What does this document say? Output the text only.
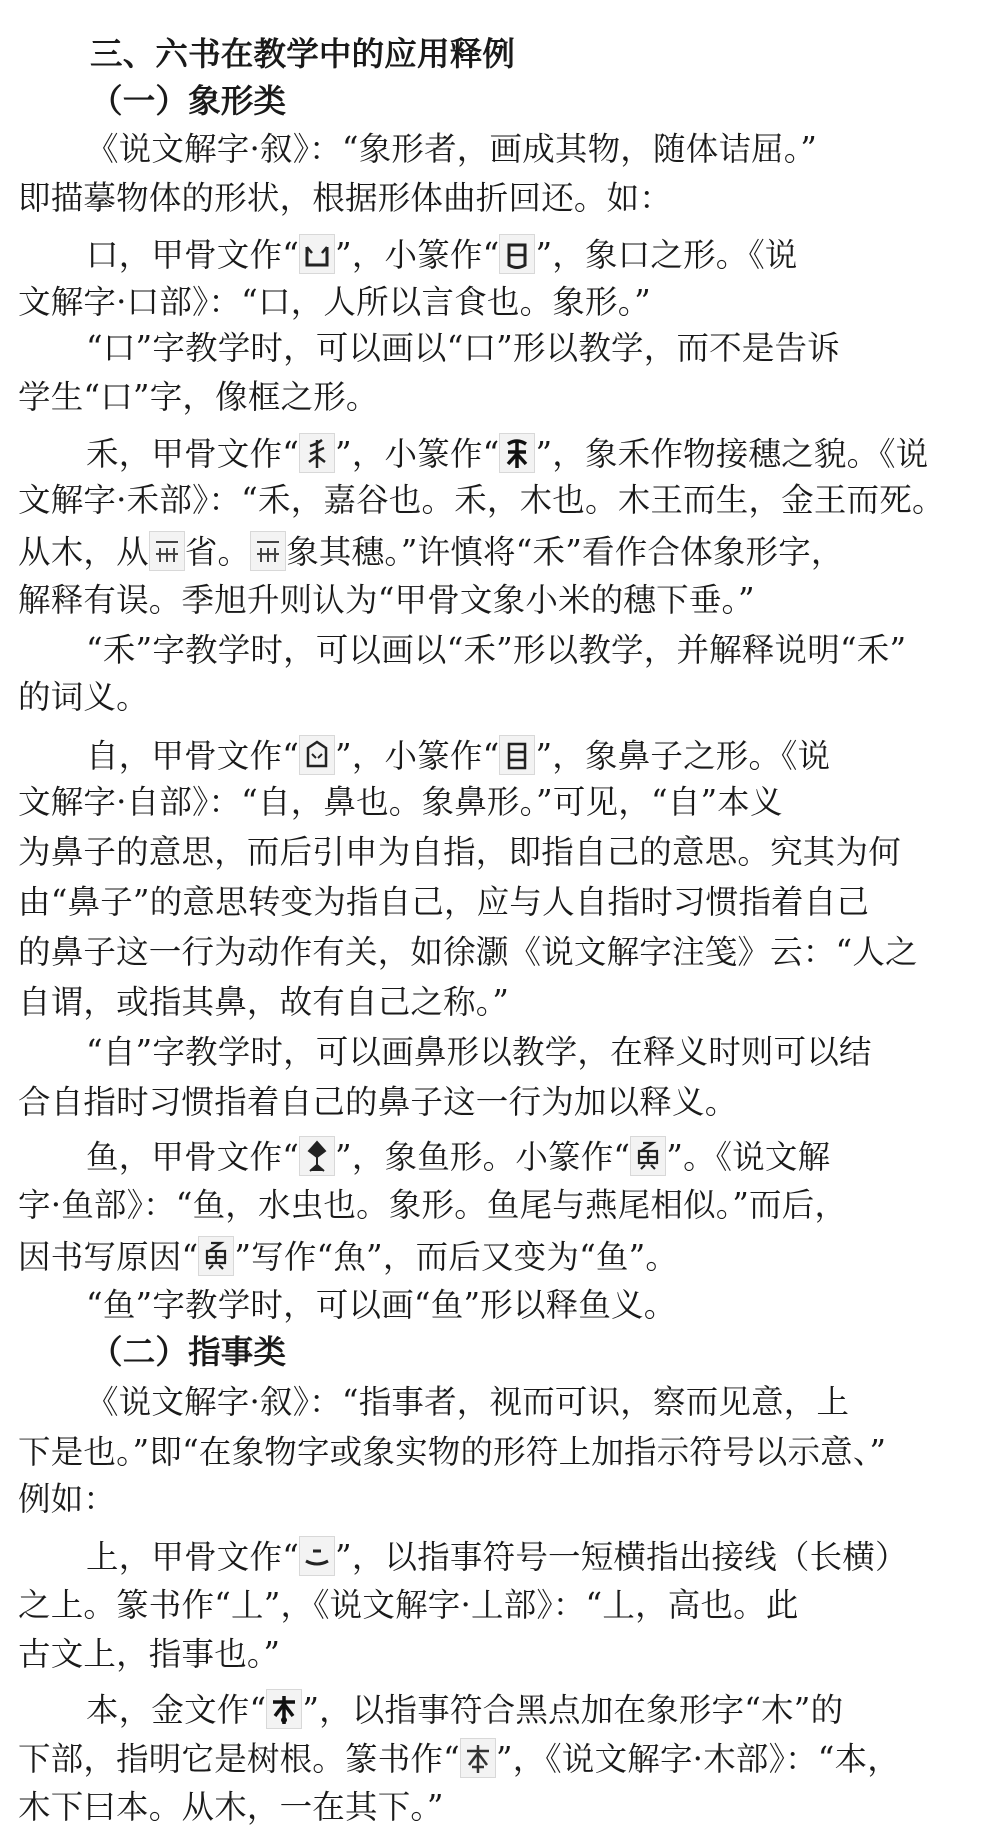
三、六书在教学中的应用释例
（一）象形类
《说文解字·叙》：“象形者，画成其物，随体诘屈。”
即描摹物体的形状，根据形体曲折回还。如：
口，甲骨文作“ ”，小篆作“ ”，象口之形。《说
文解字·口部》：“口，人所以言食也。象形。”
“口”字教学时，可以画以“口”形以教学，而不是告诉
学生“口”字，像框之形。
禾，甲骨文作“ ”，小篆作“ ”，象禾作物接穗之貌。《说
文解字·禾部》：“禾，嘉谷也。禾，木也。木王而生，金王而死。
从木，从 省。 象其穗。”许慎将“禾”看作合体象形字，
解释有误。季旭升则认为“甲骨文象小米的穗下垂。”
“禾”字教学时，可以画以“禾”形以教学，并解释说明“禾”
的词义。
自，甲骨文作“ ”，小篆作“ ”，象鼻子之形。《说
文解字·自部》：“自，鼻也。象鼻形。”可见，“自”本义
为鼻子的意思，而后引申为自指，即指自己的意思。究其为何
由“鼻子”的意思转变为指自己，应与人自指时习惯指着自己
的鼻子这一行为动作有关，如徐灏《说文解字注笺》云：“人之
自谓，或指其鼻，故有自己之称。”
“自”字教学时，可以画鼻形以教学，在释义时则可以结
合自指时习惯指着自己的鼻子这一行为加以释义。
鱼，甲骨文作“ ”，象鱼形。小篆作“ ”。《说文解
字·鱼部》：“鱼，水虫也。象形。鱼尾与燕尾相似。”而后，
因书写原因“ ”写作“魚”，而后又变为“鱼”。
“鱼”字教学时，可以画“鱼”形以释鱼义。
（二）指事类
《说文解字·叙》：“指事者，视而可识，察而见意，上
下是也。”即“在象物字或象实物的形符上加指示符号以示意、”
例如：
上，甲骨文作“ ”，以指事符号一短横指出接线（长横）
之上。篆书作“丄”，《说文解字·丄部》：“丄，高也。此
古文上，指事也。”
本，金文作“ ”，以指事符合黑点加在象形字“木”的
下部，指明它是树根。篆书作“ ”，《说文解字·木部》：“本，
木下曰本。从木，一在其下。”
